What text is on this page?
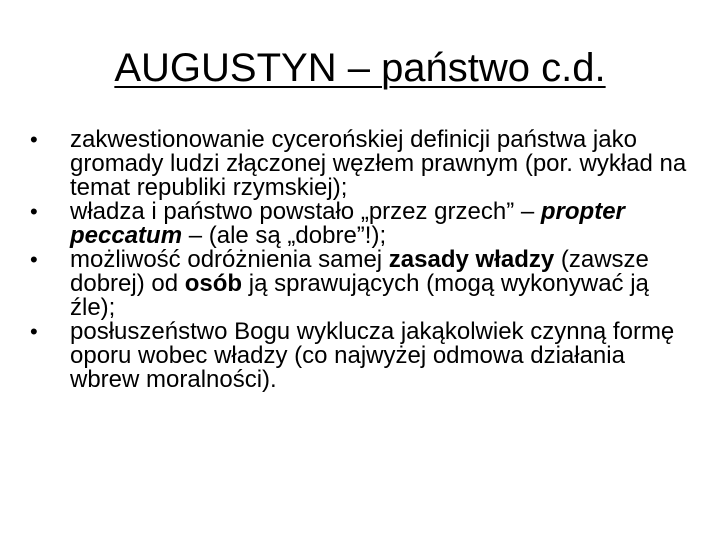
AUGUSTYN – państwo c.d.
•	zakwestionowanie cycerońskiej definicji państwa jako gromady ludzi złączonej węzłem prawnym (por. wykład na temat republiki rzymskiej);
•	władza i państwo powstało „przez grzech” – propter peccatum – (ale są „dobre”!);
•	możliwość odróżnienia samej zasady władzy (zawsze dobrej) od osób ją sprawujących (mogą wykonywać ją źle);
•	posłuszeństwo Bogu wyklucza jakąkolwiek czynną formę oporu wobec władzy (co najwyżej odmowa działania wbrew moralności).
